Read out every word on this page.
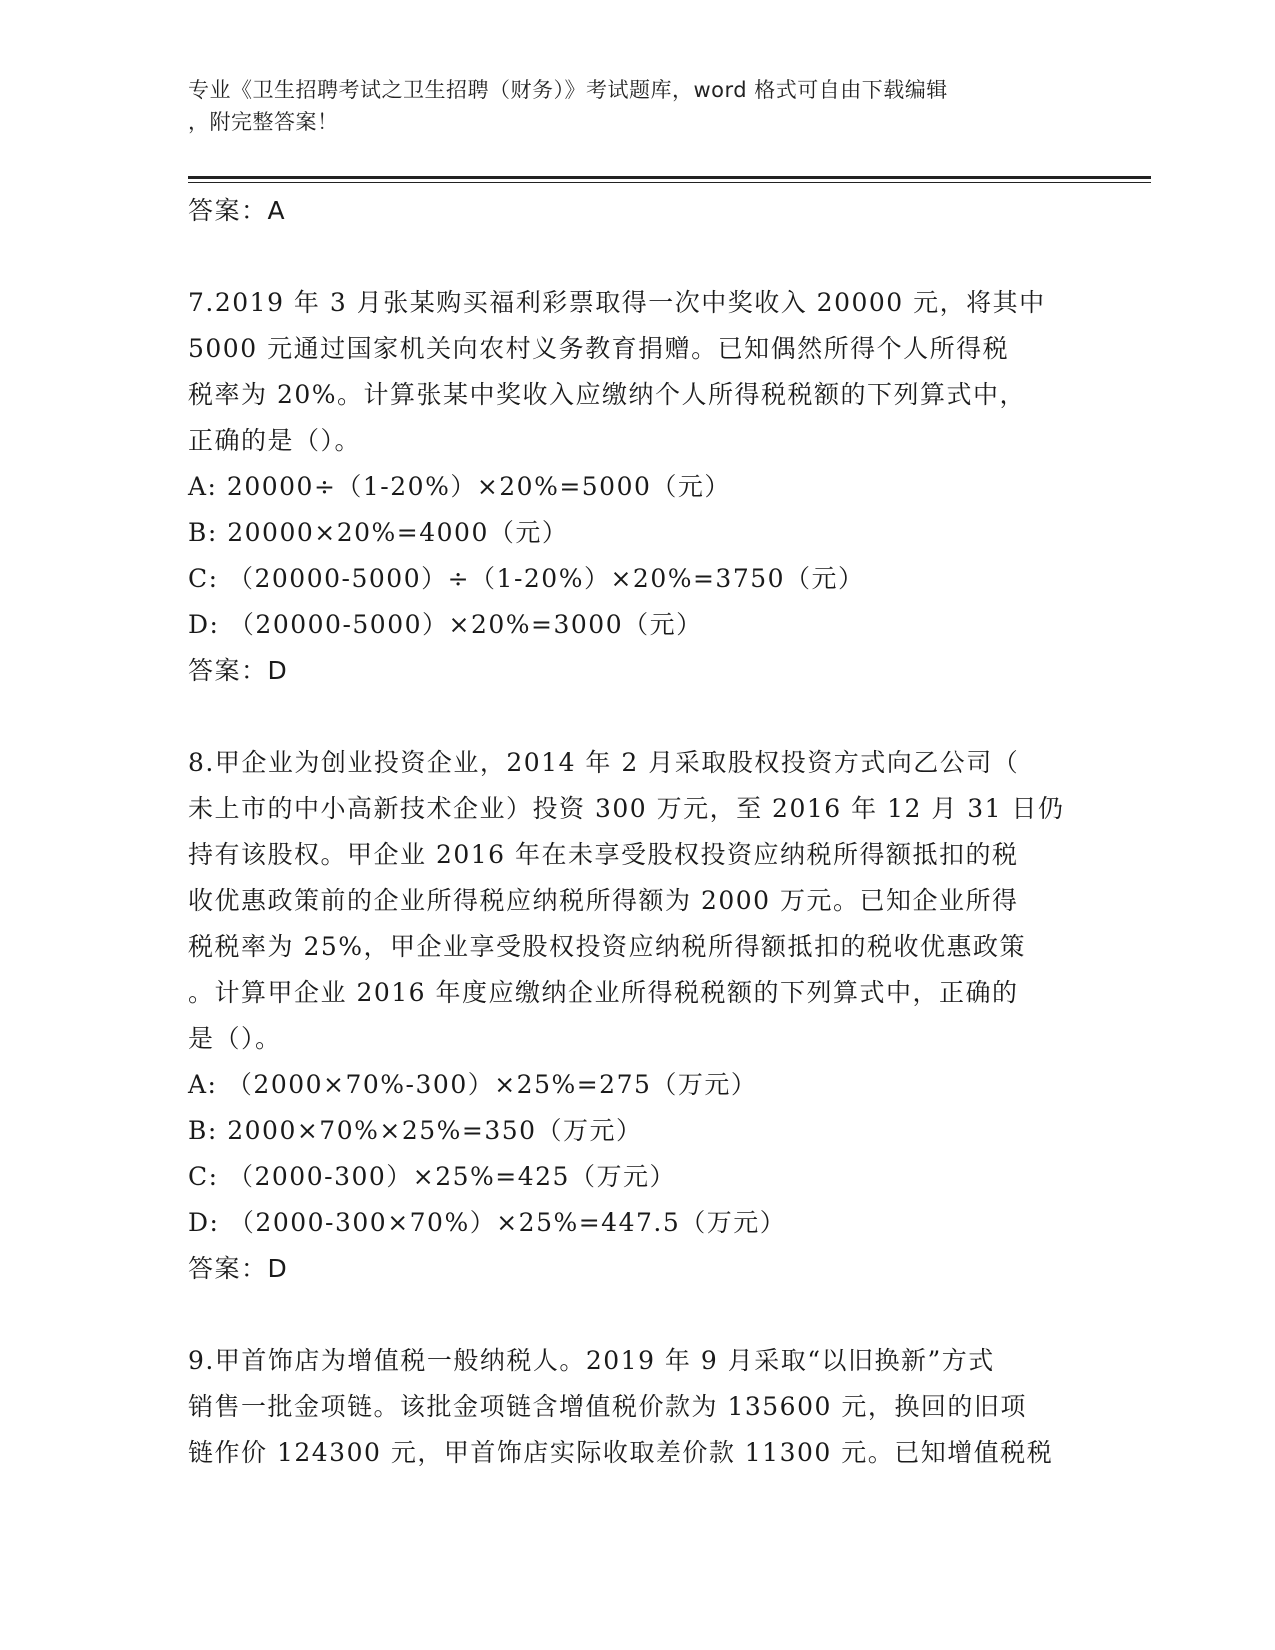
专业《卫生招聘考试之卫生招聘（财务）》考试题库，word 格式可自由下载编辑

，附完整答案！

答案：A

7.2019 年 3 月张某购买福利彩票取得一次中奖收入 20000 元，将其中

5000 元通过国家机关向农村义务教育捐赠。已知偶然所得个人所得税

税率为 20%。计算张某中奖收入应缴纳个人所得税税额的下列算式中，

正确的是（）。

A: 20000÷（1-20%）×20%=5000（元）

B: 20000×20%=4000（元）

C: （20000-5000）÷（1-20%）×20%=3750（元）

D: （20000-5000）×20%=3000（元）

答案：D

8.甲企业为创业投资企业，2014 年 2 月采取股权投资方式向乙公司（

未上市的中小高新技术企业）投资 300 万元，至 2016 年 12 月 31 日仍

持有该股权。甲企业 2016 年在未享受股权投资应纳税所得额抵扣的税

收优惠政策前的企业所得税应纳税所得额为 2000 万元。已知企业所得

税税率为 25%，甲企业享受股权投资应纳税所得额抵扣的税收优惠政策

。计算甲企业 2016 年度应缴纳企业所得税税额的下列算式中，正确的

是（）。

A: （2000×70%-300）×25%=275（万元）

B: 2000×70%×25%=350（万元）

C: （2000-300）×25%=425（万元）

D: （2000-300×70%）×25%=447.5（万元）

答案：D

9.甲首饰店为增值税一般纳税人。2019 年 9 月采取“以旧换新”方式

销售一批金项链。该批金项链含增值税价款为 135600 元，换回的旧项

链作价 124300 元，甲首饰店实际收取差价款 11300 元。已知增值税税
